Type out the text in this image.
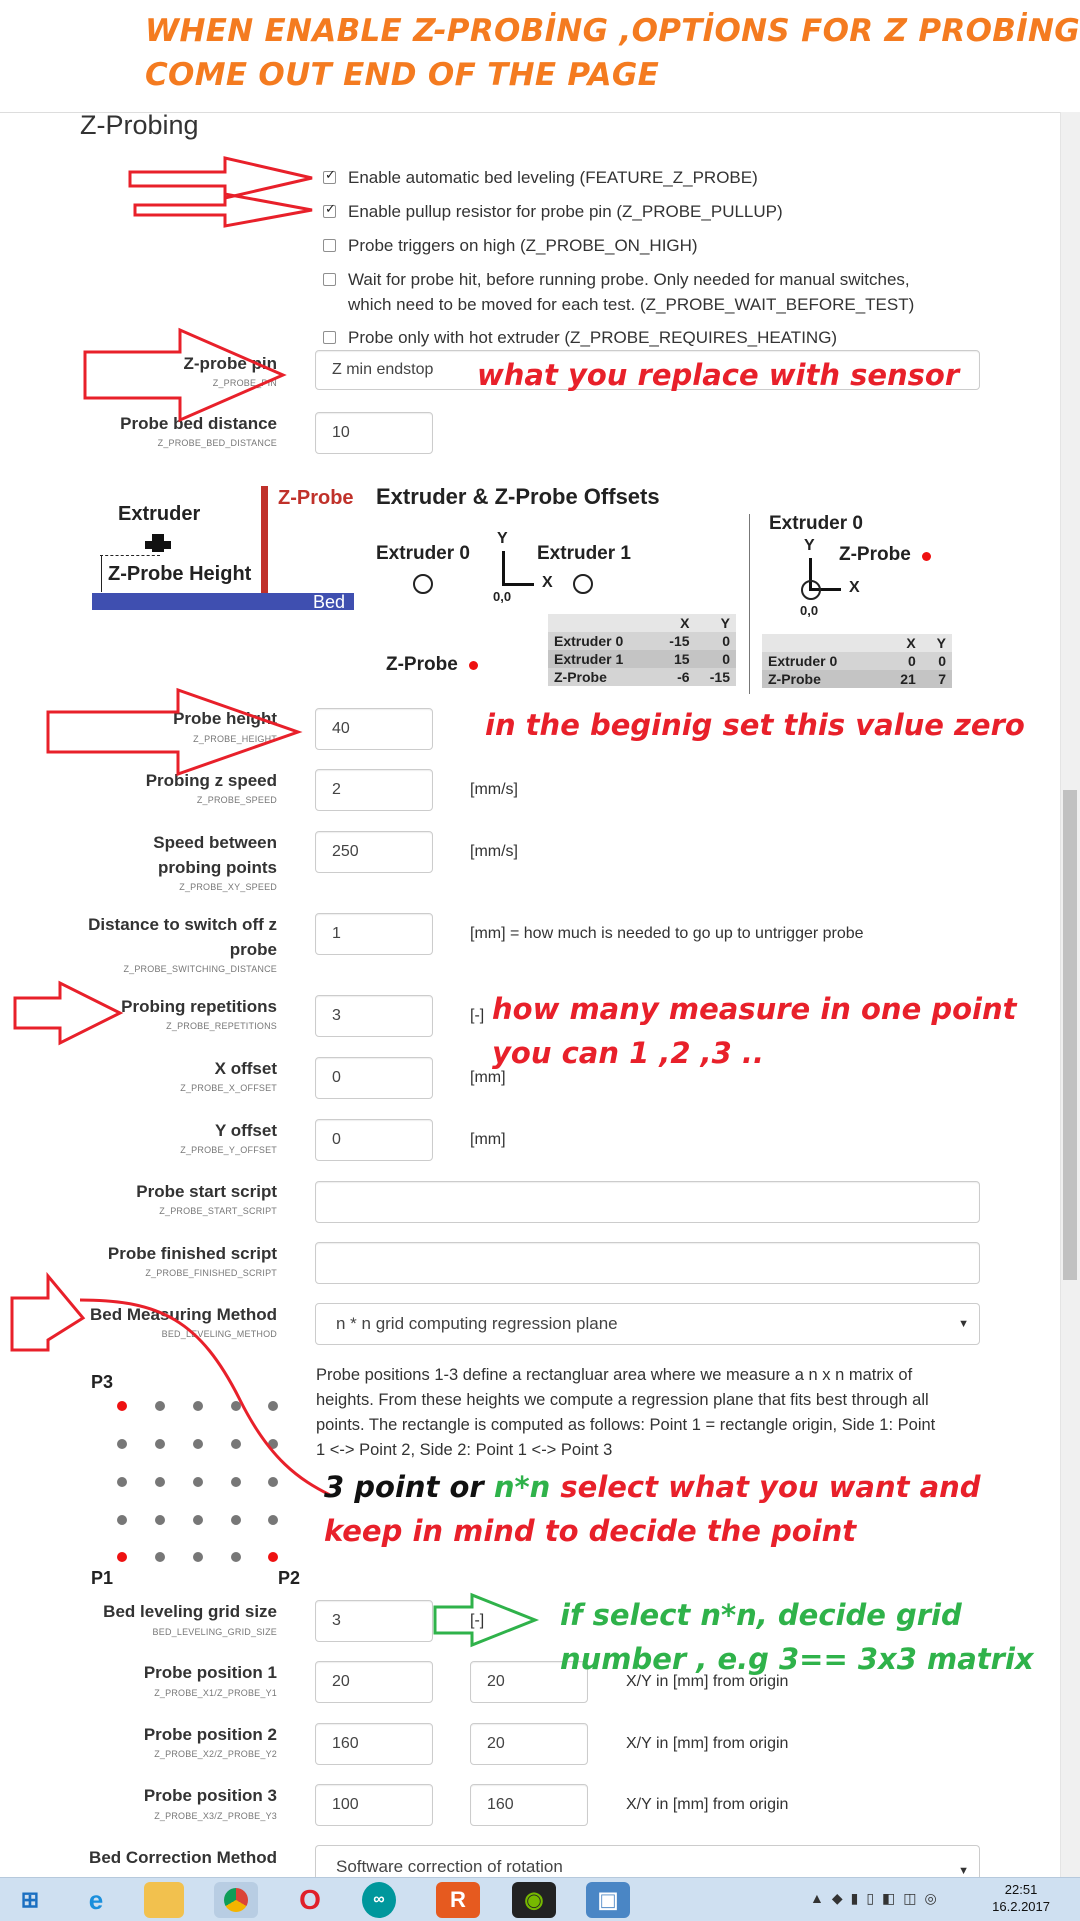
WHEN ENABLE Z-PROBİNG ,OPTİONS FOR Z PROBİNG
COME OUT END OF THE PAGE
Z-Probing
✓
Enable automatic bed leveling (FEATURE_Z_PROBE)
✓
Enable pullup resistor for probe pin (Z_PROBE_PULLUP)
Probe triggers on high (Z_PROBE_ON_HIGH)
Wait for probe hit, before running probe. Only needed for manual switches,
which need to be moved for each test. (Z_PROBE_WAIT_BEFORE_TEST)
Probe only with hot extruder (Z_PROBE_REQUIRES_HEATING)
Z-probe pin
Z_PROBE_PIN
Z min endstop
Probe bed distance
Z_PROBE_BED_DISTANCE
10
Extruder
Z-Probe Height
Z-Probe
Bed
Extruder & Z-Probe Offsets
Extruder 0
Y
X
0,0
Extruder 1
Z-Probe
	X	Y
Extruder 0	-15	0
Extruder 1	15	0
Z-Probe	-6	-15
Extruder 0
Y
X
0,0
Z-Probe
	X	Y
Extruder 0	0	0
Z-Probe	21	7
Probe height
Z_PROBE_HEIGHT
40
Probing z speed
Z_PROBE_SPEED
2	[mm/s]
Speed between
probing points
Z_PROBE_XY_SPEED
250	[mm/s]
Distance to switch off z
probe
Z_PROBE_SWITCHING_DISTANCE
1	[mm] = how much is needed to go up to untrigger probe
Probing repetitions
Z_PROBE_REPETITIONS
3	[-]
X offset
Z_PROBE_X_OFFSET
0	[mm]
Y offset
Z_PROBE_Y_OFFSET
0	[mm]
Probe start script
Z_PROBE_START_SCRIPT
Probe finished script
Z_PROBE_FINISHED_SCRIPT
Bed Measuring Method
BED_LEVELING_METHOD
n * n grid computing regression plane	▼
Probe positions 1-3 define a rectangluar area where we measure a n x n matrix of
heights. From these heights we compute a regression plane that fits best through all
points. The rectangle is computed as follows: Point 1 = rectangle origin, Side 1: Point
1 <-> Point 2, Side 2: Point 1 <-> Point 3
P3
P1	P2
Bed leveling grid size
BED_LEVELING_GRID_SIZE
3	[-]
Probe position 1
Z_PROBE_X1/Z_PROBE_Y1
20	20	X/Y in [mm] from origin
Probe position 2
Z_PROBE_X2/Z_PROBE_Y2
160	20	X/Y in [mm] from origin
Probe position 3
Z_PROBE_X3/Z_PROBE_Y3
100	160	X/Y in [mm] from origin
Bed Correction Method	Software correction of rotation	▼
what you replace with sensor
in the beginig set this value zero
how many measure in one point
you can 1 ,2 ,3 ..
3 point or n*n select what you want and
keep in mind to decide the point
if select n*n, decide grid
number , e.g 3== 3x3 matrix
⊞	e	O	∞	R	◉	▣	▲◆▮▯◧◫◎
22:51
16.2.2017
